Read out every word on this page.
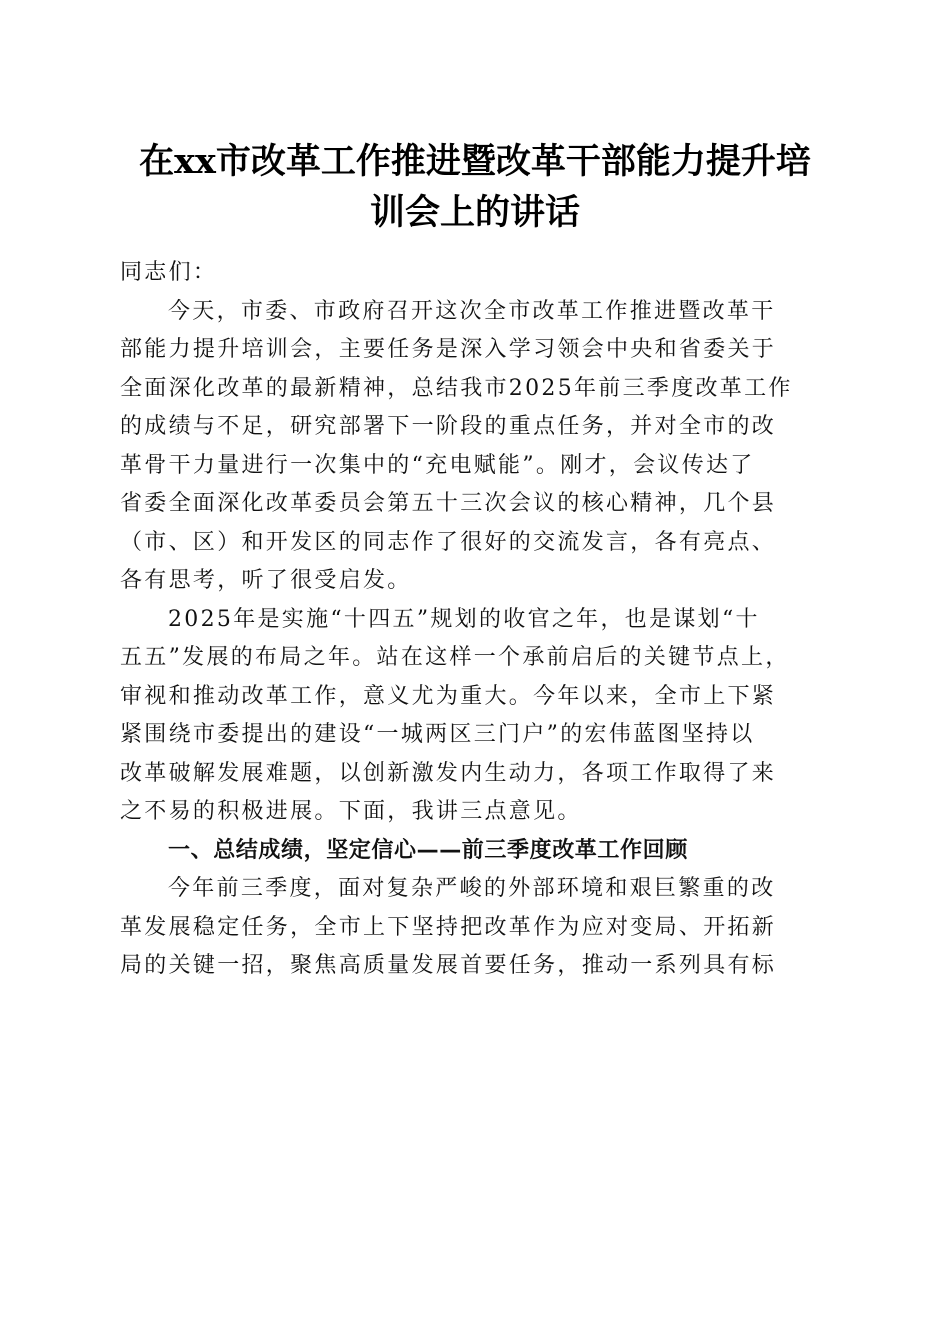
在xx市改革工作推进暨改革干部能力提升培
训会上的讲话
同志们：
今天，市委、市政府召开这次全市改革工作推进暨改革干
部能力提升培训会，主要任务是深入学习领会中央和省委关于
全面深化改革的最新精神，总结我市2025年前三季度改革工作
的成绩与不足，研究部署下一阶段的重点任务，并对全市的改
革骨干力量进行一次集中的“充电赋能”。刚才，会议传达了
省委全面深化改革委员会第五十三次会议的核心精神，几个县
（市、区）和开发区的同志作了很好的交流发言，各有亮点、
各有思考，听了很受启发。
2025年是实施“十四五”规划的收官之年，也是谋划“十
五五”发展的布局之年。站在这样一个承前启后的关键节点上，
审视和推动改革工作，意义尤为重大。今年以来，全市上下紧
紧围绕市委提出的建设“一城两区三门户”的宏伟蓝图坚持以
改革破解发展难题，以创新激发内生动力，各项工作取得了来
之不易的积极进展。下面，我讲三点意见。
一、总结成绩，坚定信心——前三季度改革工作回顾
今年前三季度，面对复杂严峻的外部环境和艰巨繁重的改
革发展稳定任务，全市上下坚持把改革作为应对变局、开拓新
局的关键一招，聚焦高质量发展首要任务，推动一系列具有标
